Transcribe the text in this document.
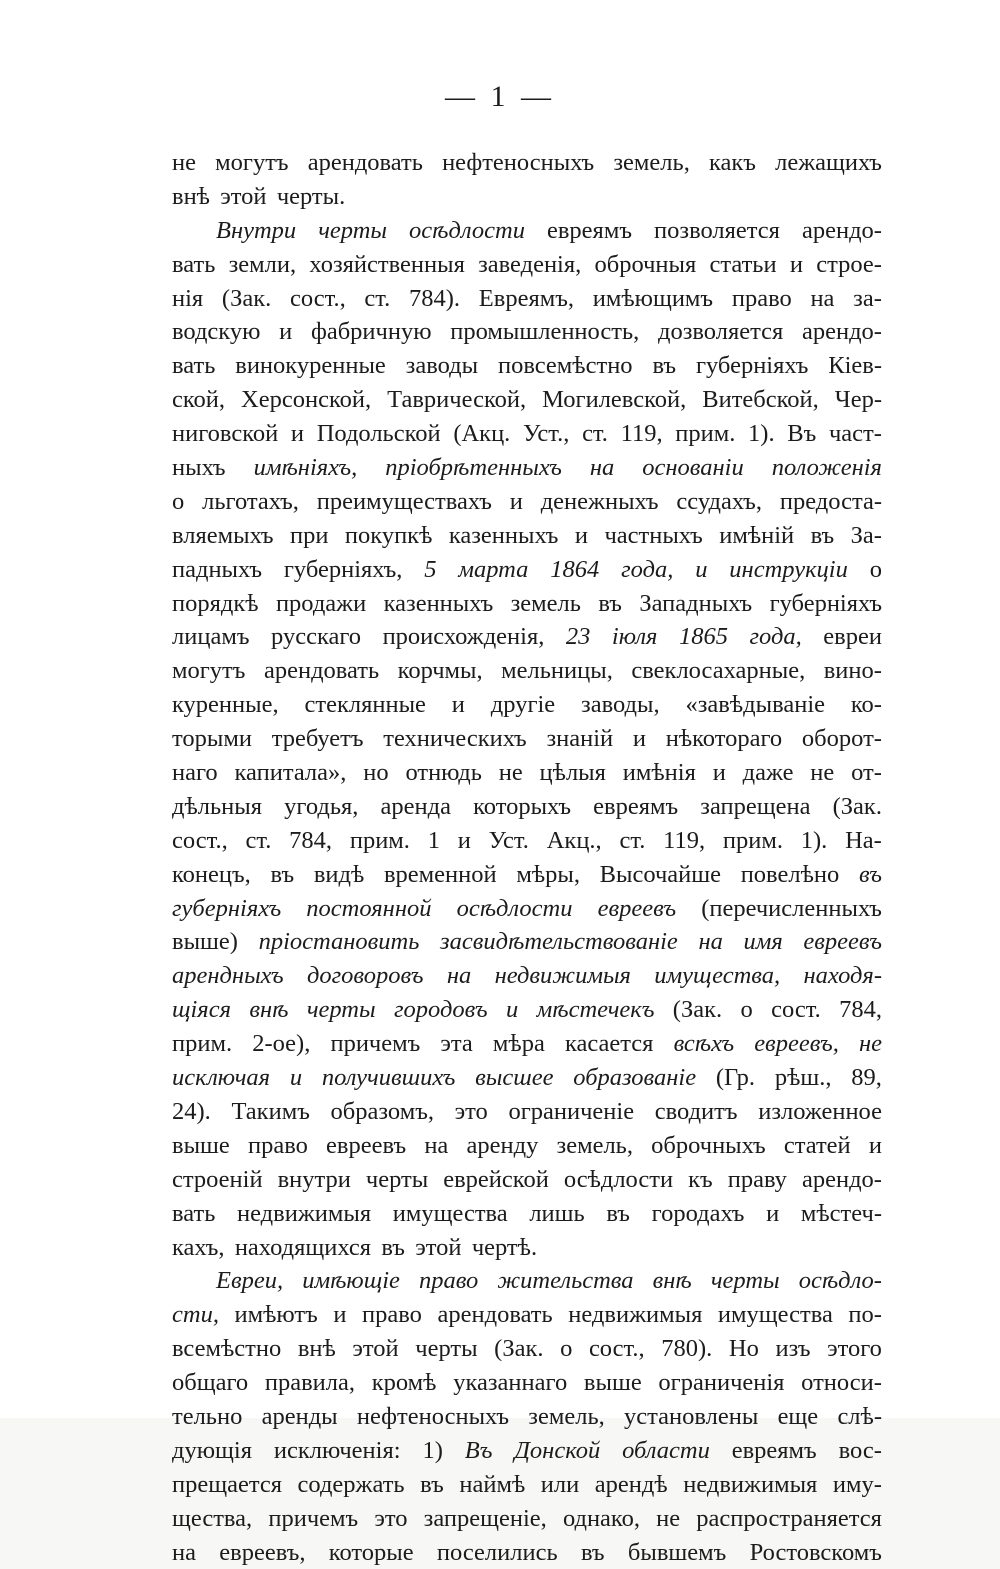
— 1 —
не могутъ арендовать нефтеносныхъ земель, какъ лежащихъ
внѣ этой черты.
Внутри черты осѣдлости евреямъ позволяется арендо-
вать земли, хозяйственныя заведенія, оброчныя статьи и строе-
нія (Зак. сост., ст. 784). Евреямъ, имѣющимъ право на за-
водскую и фабричную промышленность, дозволяется арендо-
вать винокуренные заводы повсемѣстно въ губерніяхъ Кіев-
ской, Херсонской, Таврической, Могилевской, Витебской, Чер-
ниговской и Подольской (Акц. Уст., ст. 119, прим. 1). Въ част-
ныхъ имѣніяхъ, пріобрѣтенныхъ на основаніи положенія
о льготахъ, преимуществахъ и денежныхъ ссудахъ, предоста-
вляемыхъ при покупкѣ казенныхъ и частныхъ имѣній въ За-
падныхъ губерніяхъ, 5 марта 1864 года, и инструкціи о
порядкѣ продажи казенныхъ земель въ Западныхъ губерніяхъ
лицамъ русскаго происхожденія, 23 іюля 1865 года, евреи
могутъ арендовать корчмы, мельницы, свеклосахарные, вино-
куренные, стеклянные и другіе заводы, «завѣдываніе ко-
торыми требуетъ техническихъ знаній и нѣкотораго оборот-
наго капитала», но отнюдь не цѣлыя имѣнія и даже не от-
дѣльныя угодья, аренда которыхъ евреямъ запрещена (Зак.
сост., ст. 784, прим. 1 и Уст. Акц., ст. 119, прим. 1). На-
конецъ, въ видѣ временной мѣры, Высочайше повелѣно въ
губерніяхъ постоянной осѣдлости евреевъ (перечисленныхъ
выше) пріостановить засвидѣтельствованіе на имя евреевъ
арендныхъ договоровъ на недвижимыя имущества, находя-
щіяся внѣ черты городовъ и мѣстечекъ (Зак. о сост. 784,
прим. 2-ое), причемъ эта мѣра касается всѣхъ евреевъ, не
исключая и получившихъ высшее образованіе (Гр. рѣш., 89,
24). Такимъ образомъ, это ограниченіе сводитъ изложенное
выше право евреевъ на аренду земель, оброчныхъ статей и
строеній внутри черты еврейской осѣдлости къ праву арендо-
вать недвижимыя имущества лишь въ городахъ и мѣстеч-
кахъ, находящихся въ этой чертѣ.
Евреи, имѣющіе право жительства внѣ черты осѣдло-
сти, имѣютъ и право арендовать недвижимыя имущества по-
всемѣстно внѣ этой черты (Зак. о сост., 780). Но изъ этого
общаго правила, кромѣ указаннаго выше ограниченія относи-
тельно аренды нефтеносныхъ земель, установлены еще слѣ-
дующія исключенія: 1) Въ Донской области евреямъ вос-
прещается содержать въ наймѣ или арендѣ недвижимыя иму-
щества, причемъ это запрещеніе, однако, не распространяется
на евреевъ, которые поселились въ бывшемъ Ростовскомъ
